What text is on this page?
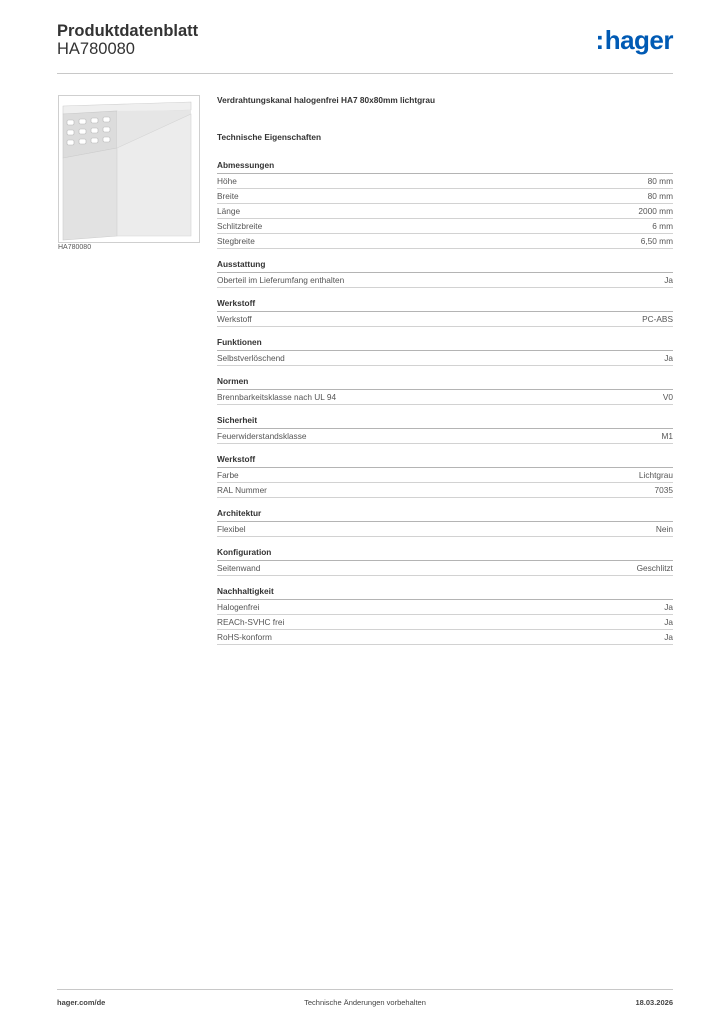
Produktdatenblatt
HA780080	:hager
HA780080
Verdrahtungskanal halogenfrei HA7 80x80mm lichtgrau
Technische Eigenschaften
Abmessungen
Höhe	80 mm
Breite	80 mm
Länge	2000 mm
Schlitzbreite	6 mm
Stegbreite	6,50 mm
Ausstattung
Oberteil im Lieferumfang enthalten	Ja
Werkstoff
Werkstoff	PC-ABS
Funktionen
Selbstverlöschend	Ja
Normen
Brennbarkeitsklasse nach UL 94	V0
Sicherheit
Feuerwiderstandsklasse	M1
Werkstoff
Farbe	Lichtgrau
RAL Nummer	7035
Architektur
Flexibel	Nein
Konfiguration
Seitenwand	Geschlitzt
Nachhaltigkeit
Halogenfrei	Ja
REACh-SVHC frei	Ja
RoHS-konform	Ja
hager.com/de	Technische Änderungen vorbehalten	18.03.2026
